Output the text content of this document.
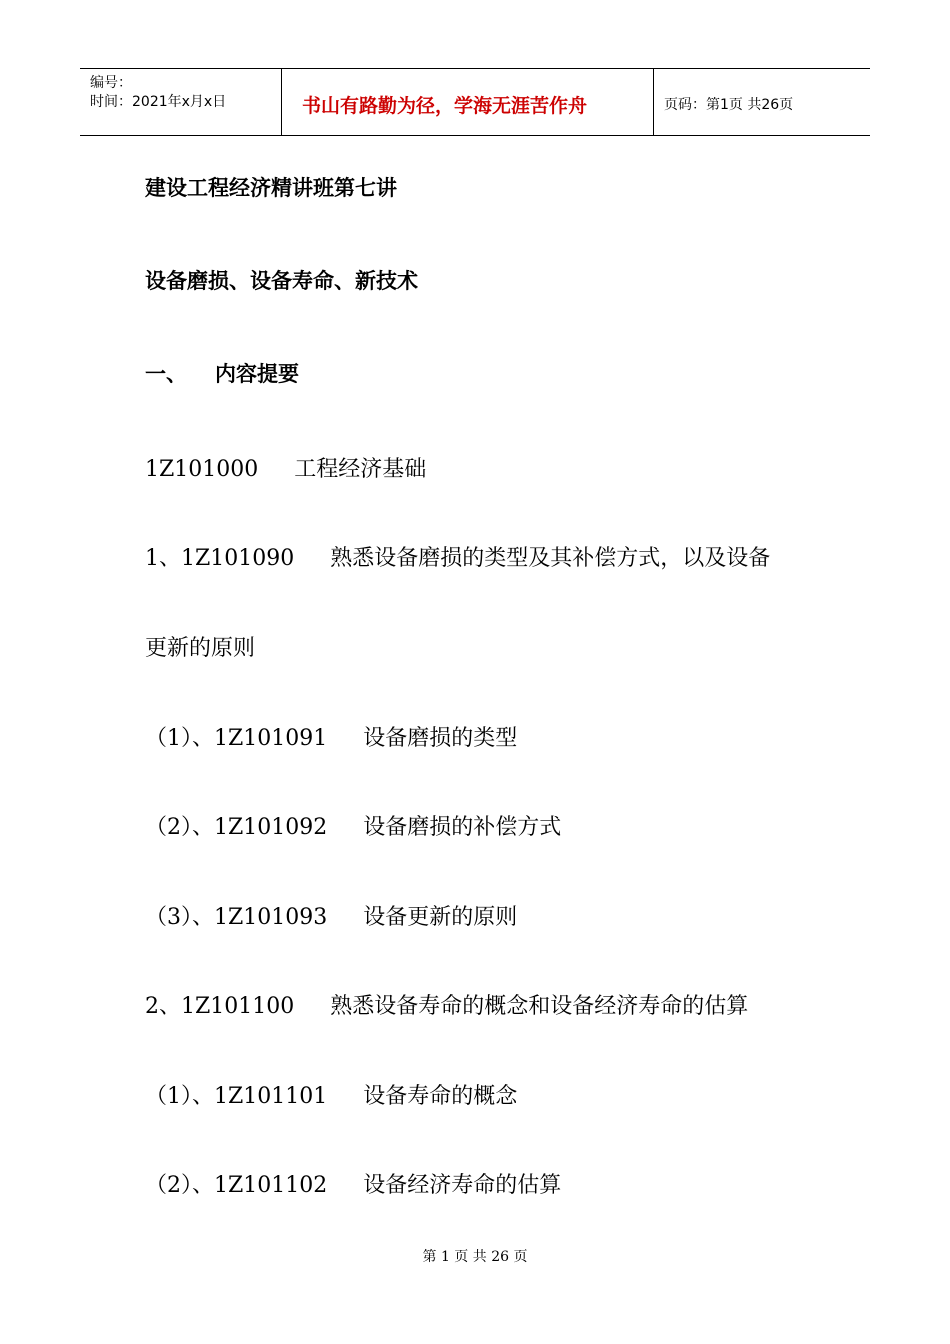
编号：
时间：2021年x月x日	书山有路勤为径，学海无涯苦作舟	页码：第1页 共26页
建设工程经济精讲班第七讲
设备磨损、设备寿命、新技术
一、 内容提要
1Z101000 工程经济基础
1、1Z101090 熟悉设备磨损的类型及其补偿方式，以及设备
更新的原则
（1）、1Z101091 设备磨损的类型
（2）、1Z101092 设备磨损的补偿方式
（3）、1Z101093 设备更新的原则
2、1Z101100 熟悉设备寿命的概念和设备经济寿命的估算
（1）、1Z101101 设备寿命的概念
（2）、1Z101102 设备经济寿命的估算
第 1 页 共 26 页
